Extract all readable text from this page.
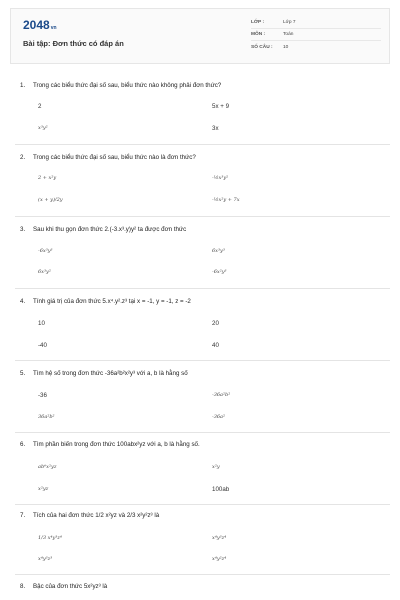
2048vn
Bài tập: Đơn thức có đáp án
LỚP :	Lớp 7
MÔN :	Toán
SỐ CÂU :	10
1.	Trong các biểu thức đại số sau, biểu thức nào không phải đơn thức?
2	5x + 9
x³y²	3x
2.	Trong các biểu thức đại số sau, biểu thức nào là đơn thức?
2 + x²y	-½x³y²
(x + y)/2y	-½x²y + 7x
3.	Sau khi thu gọn đơn thức 2.(-3.x³.y)y² ta được đơn thức
-6x³y³	6x³y³
6x³y²	-6x²y³
4.	Tính giá trị của đơn thức 5.x⁴.y².z³ tại x = -1, y = -1, z = -2
10	20
-40	40
5.	Tìm hệ số trong đơn thức -36a²b²x²y³ với a, b là hằng số
-36	-36a²b²
36a²b²	-36a²
6.	Tìm phần biến trong đơn thức 100abx²yz với a, b là hằng số.
ab⁶x²yz	x²y
x²yz	100ab
7.	Tích của hai đơn thức 1/2 x²yz và 2/3 x²y²z³ là
1/3 x⁴y³z⁴	x⁴y³z⁴
x⁴y³z³	x⁴y²z⁴
8.	Bậc của đơn thức 5x²yz³ là
